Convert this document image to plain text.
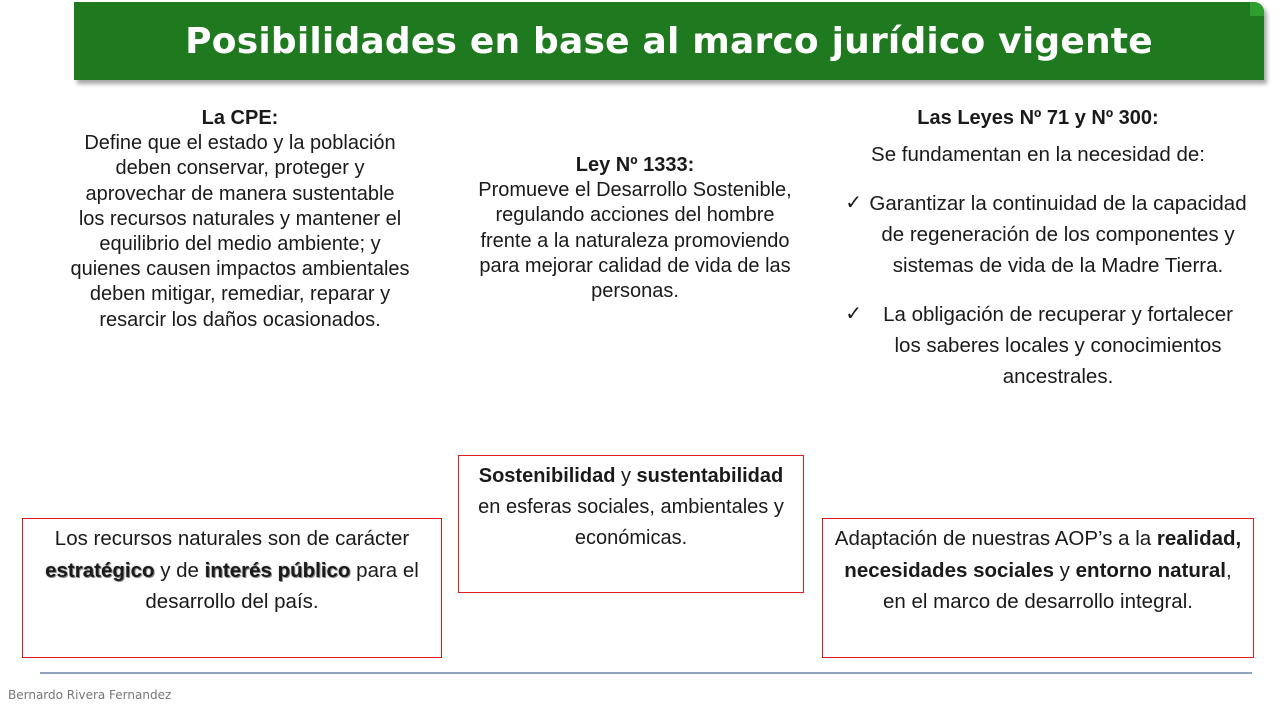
Posibilidades en base al marco jurídico vigente
La CPE:
Define que el estado y la población deben conservar, proteger y aprovechar de manera sustentable los recursos naturales y mantener el equilibrio del medio ambiente; y quienes causen impactos ambientales deben mitigar, remediar, reparar y resarcir los daños ocasionados.
Ley Nº 1333:
Promueve el Desarrollo Sostenible, regulando acciones del hombre frente a la naturaleza promoviendo para mejorar calidad de vida de las personas.
Las Leyes Nº 71 y Nº 300:
Se fundamentan en la necesidad de:
✓ Garantizar la continuidad de la capacidad de regeneración de los componentes y sistemas de vida de la Madre Tierra.
✓	La obligación de recuperar y fortalecer los saberes locales y conocimientos ancestrales.
Los recursos naturales son de carácter estratégico y de interés público para el desarrollo del país.
Sostenibilidad y sustentabilidad en esferas sociales, ambientales y económicas.	Adaptación de nuestras AOP’s a la realidad, necesidades sociales y entorno natural, en el marco de desarrollo integral.
Bernardo Rivera Fernandez
